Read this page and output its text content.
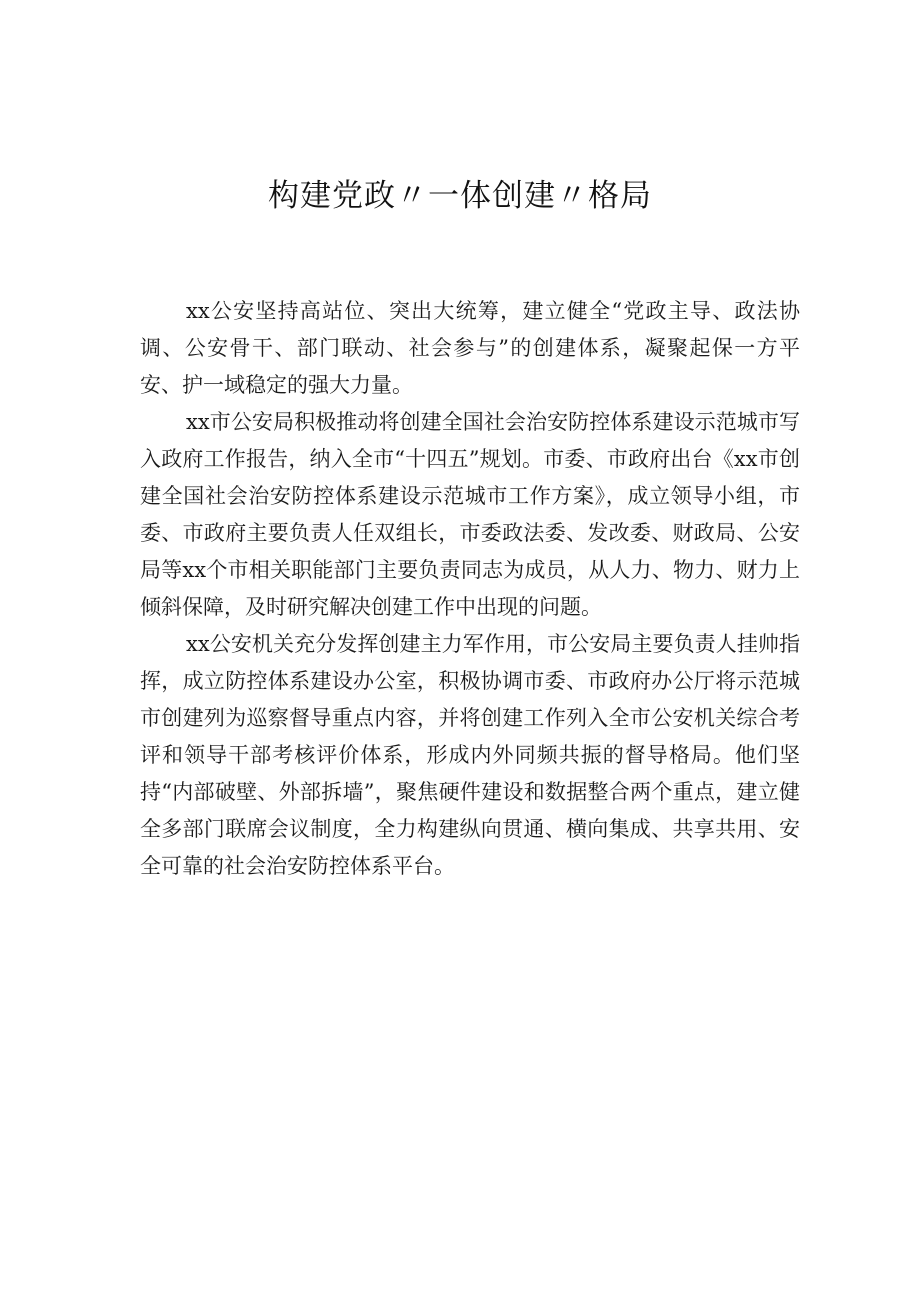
构建党政〃一体创建〃格局

xx公安坚持高站位、突出大统筹，建立健全“党政主导、政法协调、公安骨干、部门联动、社会参与”的创建体系，凝聚起保一方平安、护一域稳定的强大力量。

xx市公安局积极推动将创建全国社会治安防控体系建设示范城市写入政府工作报告，纳入全市“十四五”规划。市委、市政府出台《xx市创建全国社会治安防控体系建设示范城市工作方案》，成立领导小组，市委、市政府主要负责人任双组长，市委政法委、发改委、财政局、公安局等xx个市相关职能部门主要负责同志为成员，从人力、物力、财力上倾斜保障，及时研究解决创建工作中出现的问题。

xx公安机关充分发挥创建主力军作用，市公安局主要负责人挂帅指挥，成立防控体系建设办公室，积极协调市委、市政府办公厅将示范城市创建列为巡察督导重点内容，并将创建工作列入全市公安机关综合考评和领导干部考核评价体系，形成内外同频共振的督导格局。他们坚持“内部破壁、外部拆墙”，聚焦硬件建设和数据整合两个重点，建立健全多部门联席会议制度，全力构建纵向贯通、横向集成、共享共用、安全可靠的社会治安防控体系平台。
